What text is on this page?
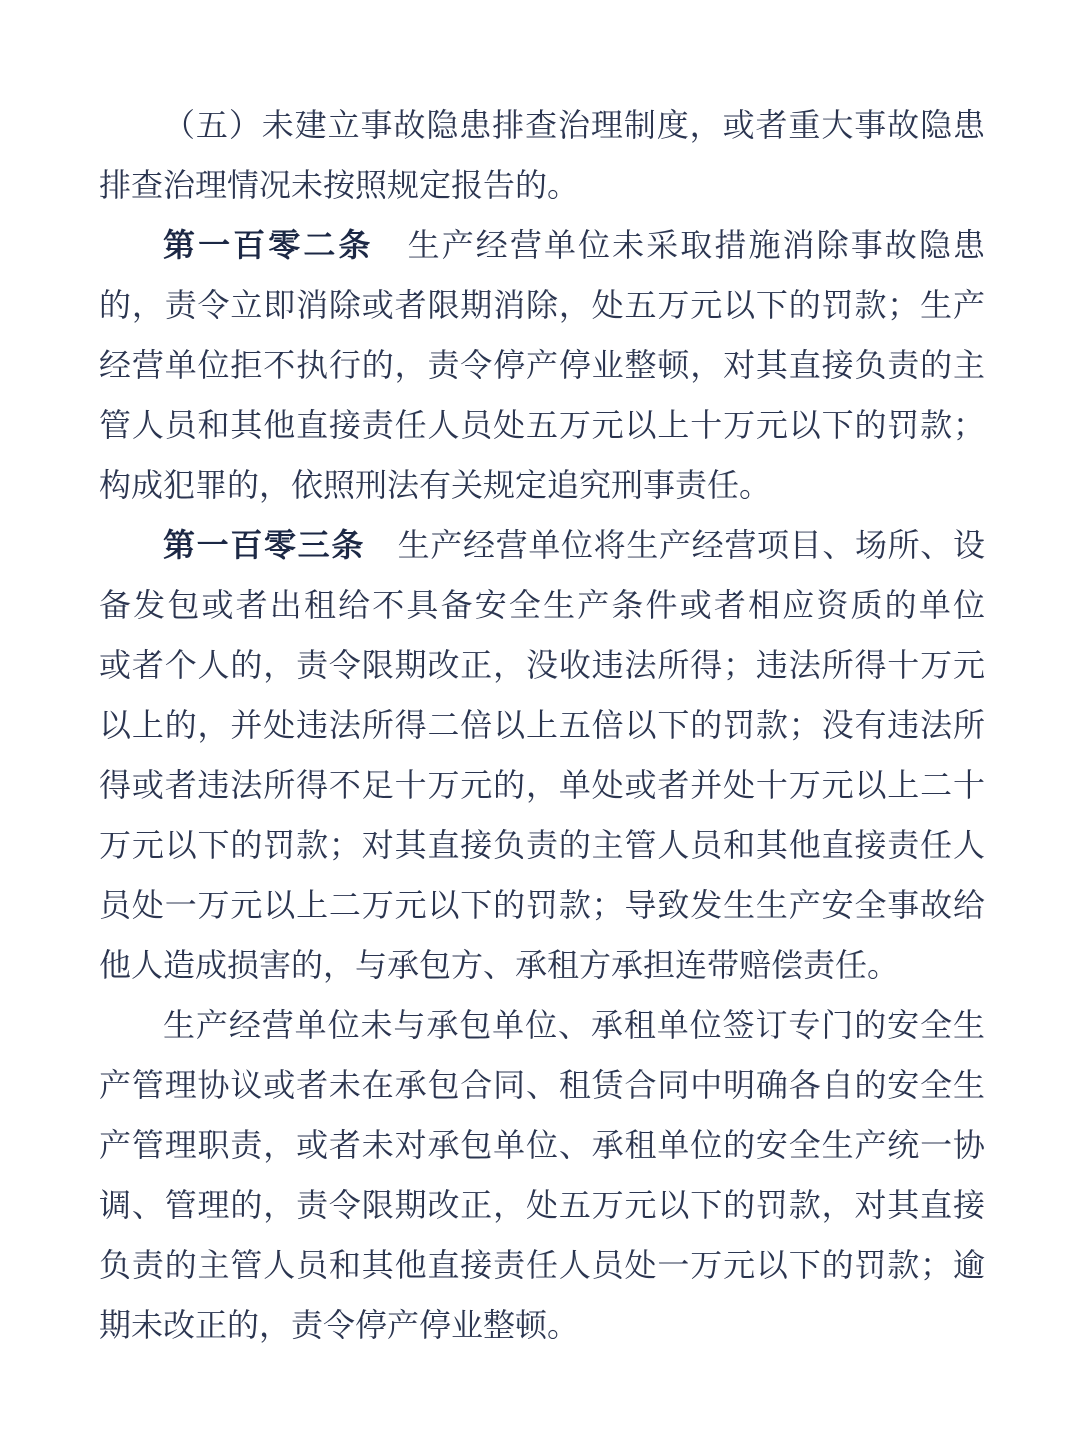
（五）未建立事故隐患排查治理制度，或者重大事故隐患
排查治理情况未按照规定报告的。
第一百零二条　 生产经营单位未采取措施消除事故隐患
的，责令立即消除或者限期消除，处五万元以下的罚款；生产
经营单位拒不执行的，责令停产停业整顿，对其直接负责的主
管人员和其他直接责任人员处五万元以上十万元以下的罚款；
构成犯罪的，依照刑法有关规定追究刑事责任。
第一百零三条　 生产经营单位将生产经营项目、场所、设
备发包或者出租给不具备安全生产条件或者相应资质的单位
或者个人的，责令限期改正，没收违法所得；违法所得十万元
以上的，并处违法所得二倍以上五倍以下的罚款；没有违法所
得或者违法所得不足十万元的，单处或者并处十万元以上二十
万元以下的罚款；对其直接负责的主管人员和其他直接责任人
员处一万元以上二万元以下的罚款；导致发生生产安全事故给
他人造成损害的，与承包方、承租方承担连带赔偿责任。
生产经营单位未与承包单位、承租单位签订专门的安全生
产管理协议或者未在承包合同、租赁合同中明确各自的安全生
产管理职责，或者未对承包单位、承租单位的安全生产统一协
调、管理的，责令限期改正，处五万元以下的罚款，对其直接
负责的主管人员和其他直接责任人员处一万元以下的罚款；逾
期未改正的，责令停产停业整顿。
